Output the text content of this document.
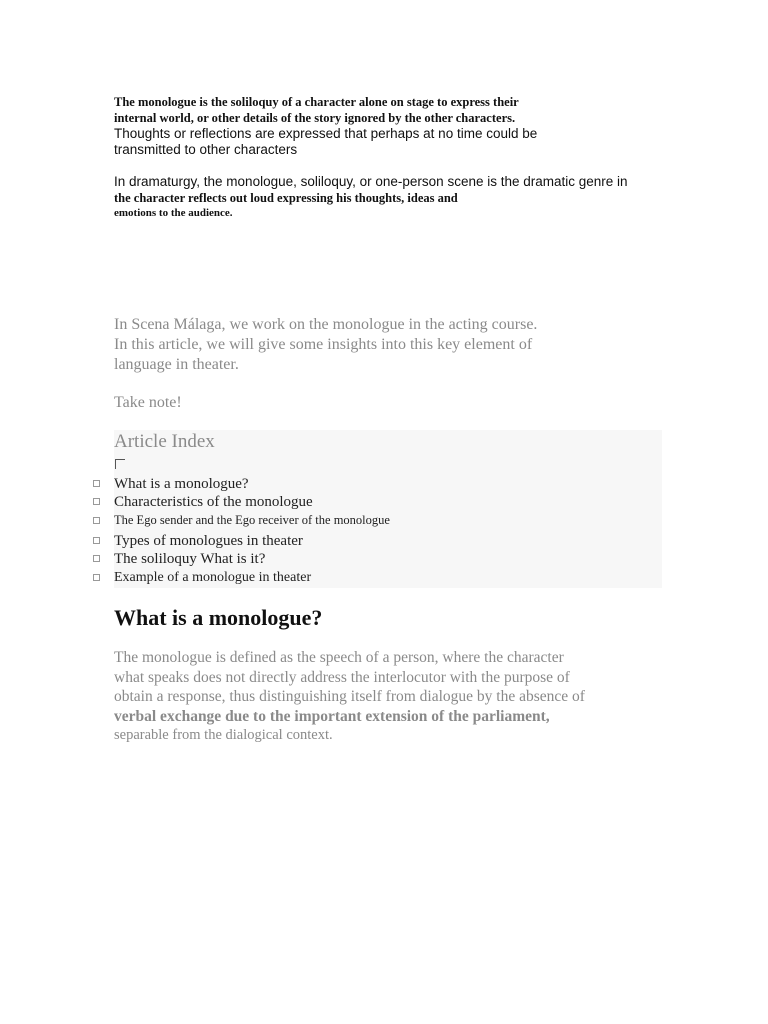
The monologue is the soliloquy of a character alone on stage to express their
internal world, or other details of the story ignored by the other characters.
Thoughts or reflections are expressed that perhaps at no time could be
transmitted to other characters
In dramaturgy, the monologue, soliloquy, or one-person scene is the dramatic genre in
the character reflects out loud expressing his thoughts, ideas and
emotions to the audience.
In Scena Málaga, we work on the monologue in the acting course.
In this article, we will give some insights into this key element of
language in theater.
Take note!
Article Index
What is a monologue?
Characteristics of the monologue
The Ego sender and the Ego receiver of the monologue
Types of monologues in theater
The soliloquy What is it?
Example of a monologue in theater
What is a monologue?
The monologue is defined as the speech of a person, where the character
what speaks does not directly address the interlocutor with the purpose of
obtain a response, thus distinguishing itself from dialogue by the absence of
verbal exchange due to the important extension of the parliament,
separable from the dialogical context.
